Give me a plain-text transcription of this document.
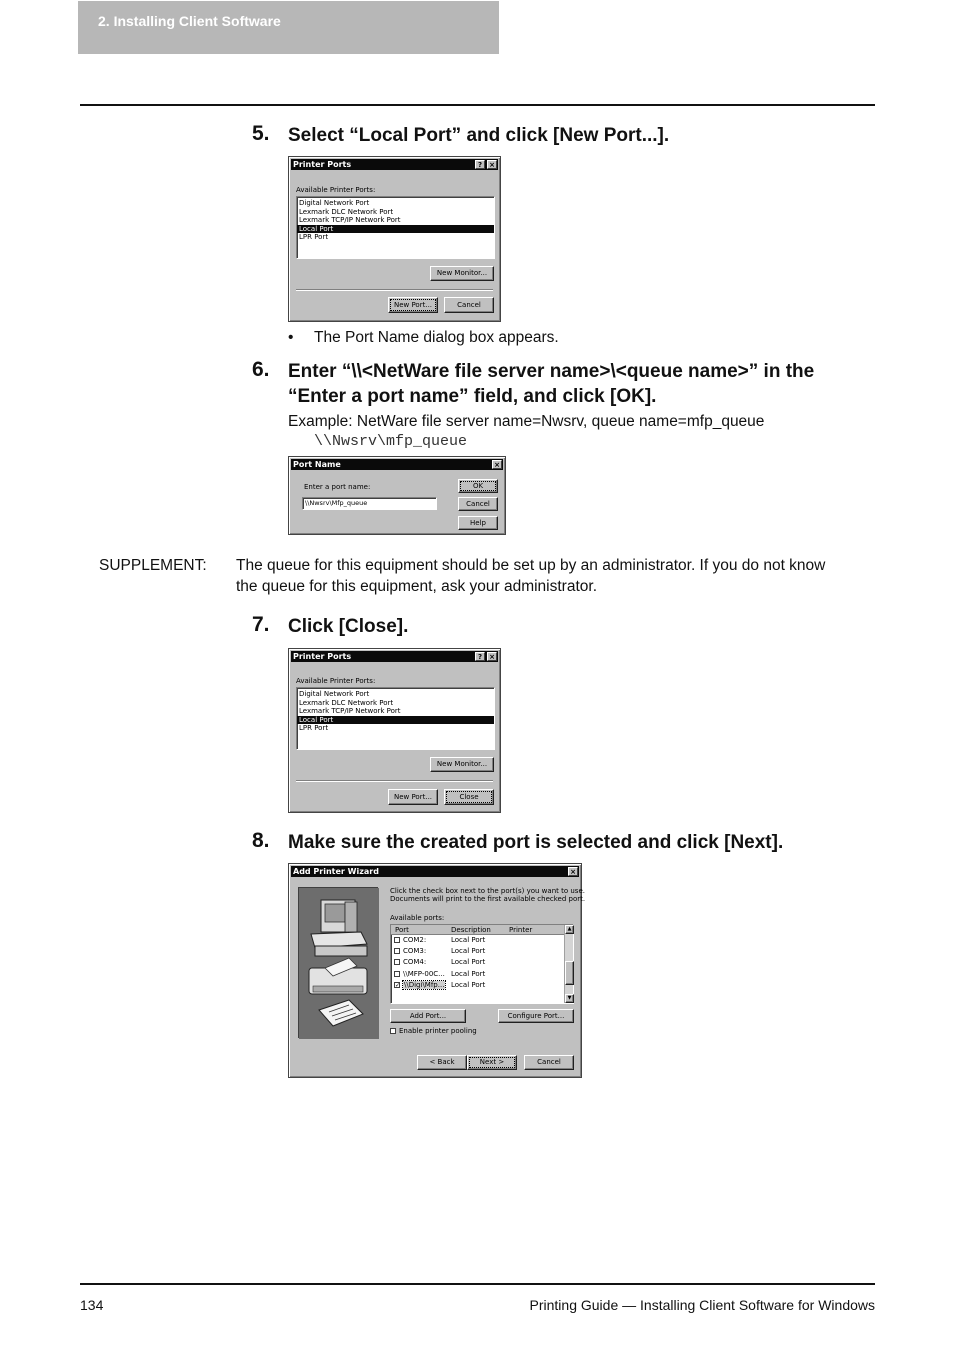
2. Installing Client Software
5. Select “Local Port” and click [New Port...].
Printer Ports	?	×
Available Printer Ports:
Digital Network Port
Lexmark DLC Network Port
Lexmark TCP/IP Network Port
Local Port
LPR Port
New Monitor...
New Port...	Cancel
• The Port Name dialog box appears.
6. Enter “\\<NetWare file server name>\<queue name>” in the
“Enter a port name” field, and click [OK].
Example: NetWare file server name=Nwsrv, queue name=mfp_queue
\\Nwsrv\mfp_queue
Port Name	×
Enter a port name:
\\Nwsrv\Mfp_queue
OK
Cancel
Help
SUPPLEMENT: The queue for this equipment should be set up by an administrator. If you do not know
the queue for this equipment, ask your administrator.
7. Click [Close].
Printer Ports	?	×
Available Printer Ports:
Digital Network Port
Lexmark DLC Network Port
Lexmark TCP/IP Network Port
Local Port
LPR Port
New Monitor...
New Port...	Close
8. Make sure the created port is selected and click [Next].
Add Printer Wizard	×
Click the check box next to the port(s) you want to use.
Documents will print to the first available checked port.
Available ports:
Port	Description	Printer
COM2:	Local Port
COM3:	Local Port
COM4:	Local Port
\\MFP-00C... Local Port
✓ \\Digi\Mfp... Local Port
▲
▼
Add Port...	Configure Port...
Enable printer pooling
< Back	Next >	Cancel
134	Printing Guide — Installing Client Software for Windows
